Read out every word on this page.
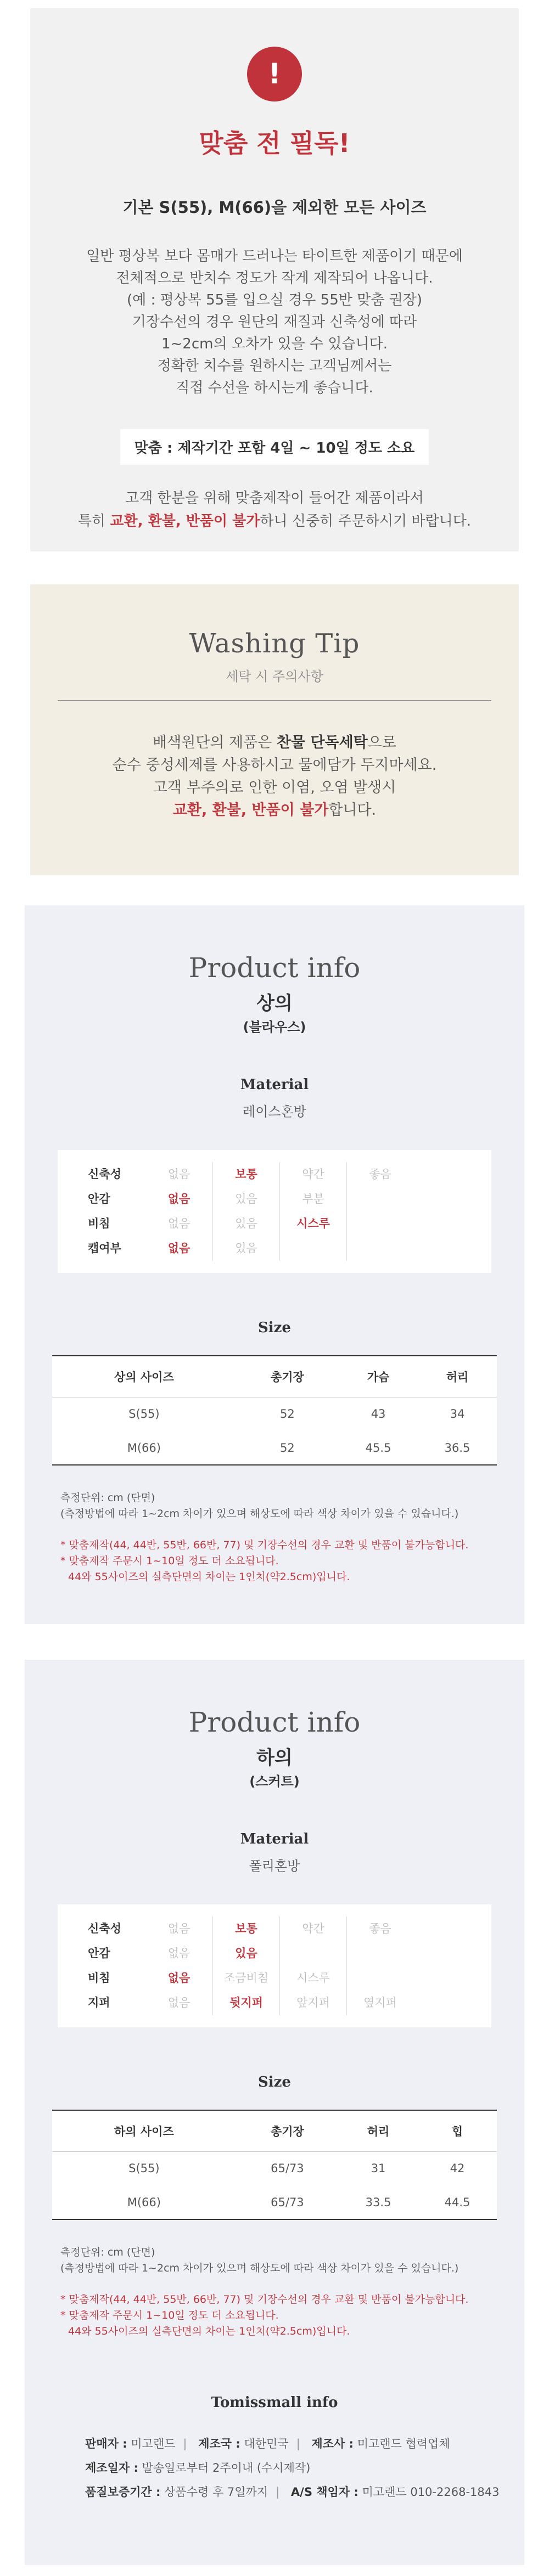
!
맞춤 전 필독!
기본 S(55), M(66)을 제외한 모든 사이즈
일반 평상복 보다 몸매가 드러나는 타이트한 제품이기 때문에
전체적으로 반치수 정도가 작게 제작되어 나옵니다.
(예 : 평상복 55를 입으실 경우 55반 맞춤 권장)
기장수선의 경우 원단의 재질과 신축성에 따라
1~2cm의 오차가 있을 수 있습니다.
정확한 치수를 원하시는 고객님께서는
직접 수선을 하시는게 좋습니다.
맞춤 : 제작기간 포함 4일 ~ 10일 정도 소요
고객 한분을 위해 맞춤제작이 들어간 제품이라서
특히 교환, 환불, 반품이 불가하니 신중히 주문하시기 바랍니다.
Washing Tip
세탁 시 주의사항
배색원단의 제품은 찬물 단독세탁으로
순수 중성세제를 사용하시고 물에담가 두지마세요.
고객 부주의로 인한 이염, 오염 발생시
교환, 환불, 반품이 불가합니다.
Product info
상의
(블라우스)
Material
레이스혼방
신축성	없음	보통	약간	좋음
안감	없음	있음	부분
비침	없음	있음	시스루
캡여부	없음	있음
Size
상의 사이즈	총기장	가슴	허리
S(55)	52	43	34
M(66)	52	45.5	36.5
측정단위: cm (단면)
(측정방법에 따라 1~2cm 차이가 있으며 해상도에 따라 색상 차이가 있을 수 있습니다.)
* 맞춤제작(44, 44반, 55반, 66반, 77) 및 기장수선의 경우 교환 및 반품이 불가능합니다.
* 맞춤제작 주문시 1~10일 정도 더 소요됩니다.
44와 55사이즈의 실측단면의 차이는 1인치(약2.5cm)입니다.
Product info
하의
(스커트)
Material
폴리혼방
신축성	없음	보통	약간	좋음
안감	없음	있음
비침	없음	조금비침	시스루
지퍼	없음	뒷지퍼	앞지퍼	옆지퍼
Size
하의 사이즈	총기장	허리	힙
S(55)	65/73	31	42
M(66)	65/73	33.5	44.5
측정단위: cm (단면)
(측정방법에 따라 1~2cm 차이가 있으며 해상도에 따라 색상 차이가 있을 수 있습니다.)
* 맞춤제작(44, 44반, 55반, 66반, 77) 및 기장수선의 경우 교환 및 반품이 불가능합니다.
* 맞춤제작 주문시 1~10일 정도 더 소요됩니다.
44와 55사이즈의 실측단면의 차이는 1인치(약2.5cm)입니다.
Tomissmall info
판매자 : 미고랜드 | 제조국 : 대한민국 | 제조사 : 미고랜드 협력업체
제조일자 : 발송일로부터 2주이내 (수시제작)
품질보증기간 : 상품수령 후 7일까지 | A/S 책임자 : 미고랜드 010-2268-1843
